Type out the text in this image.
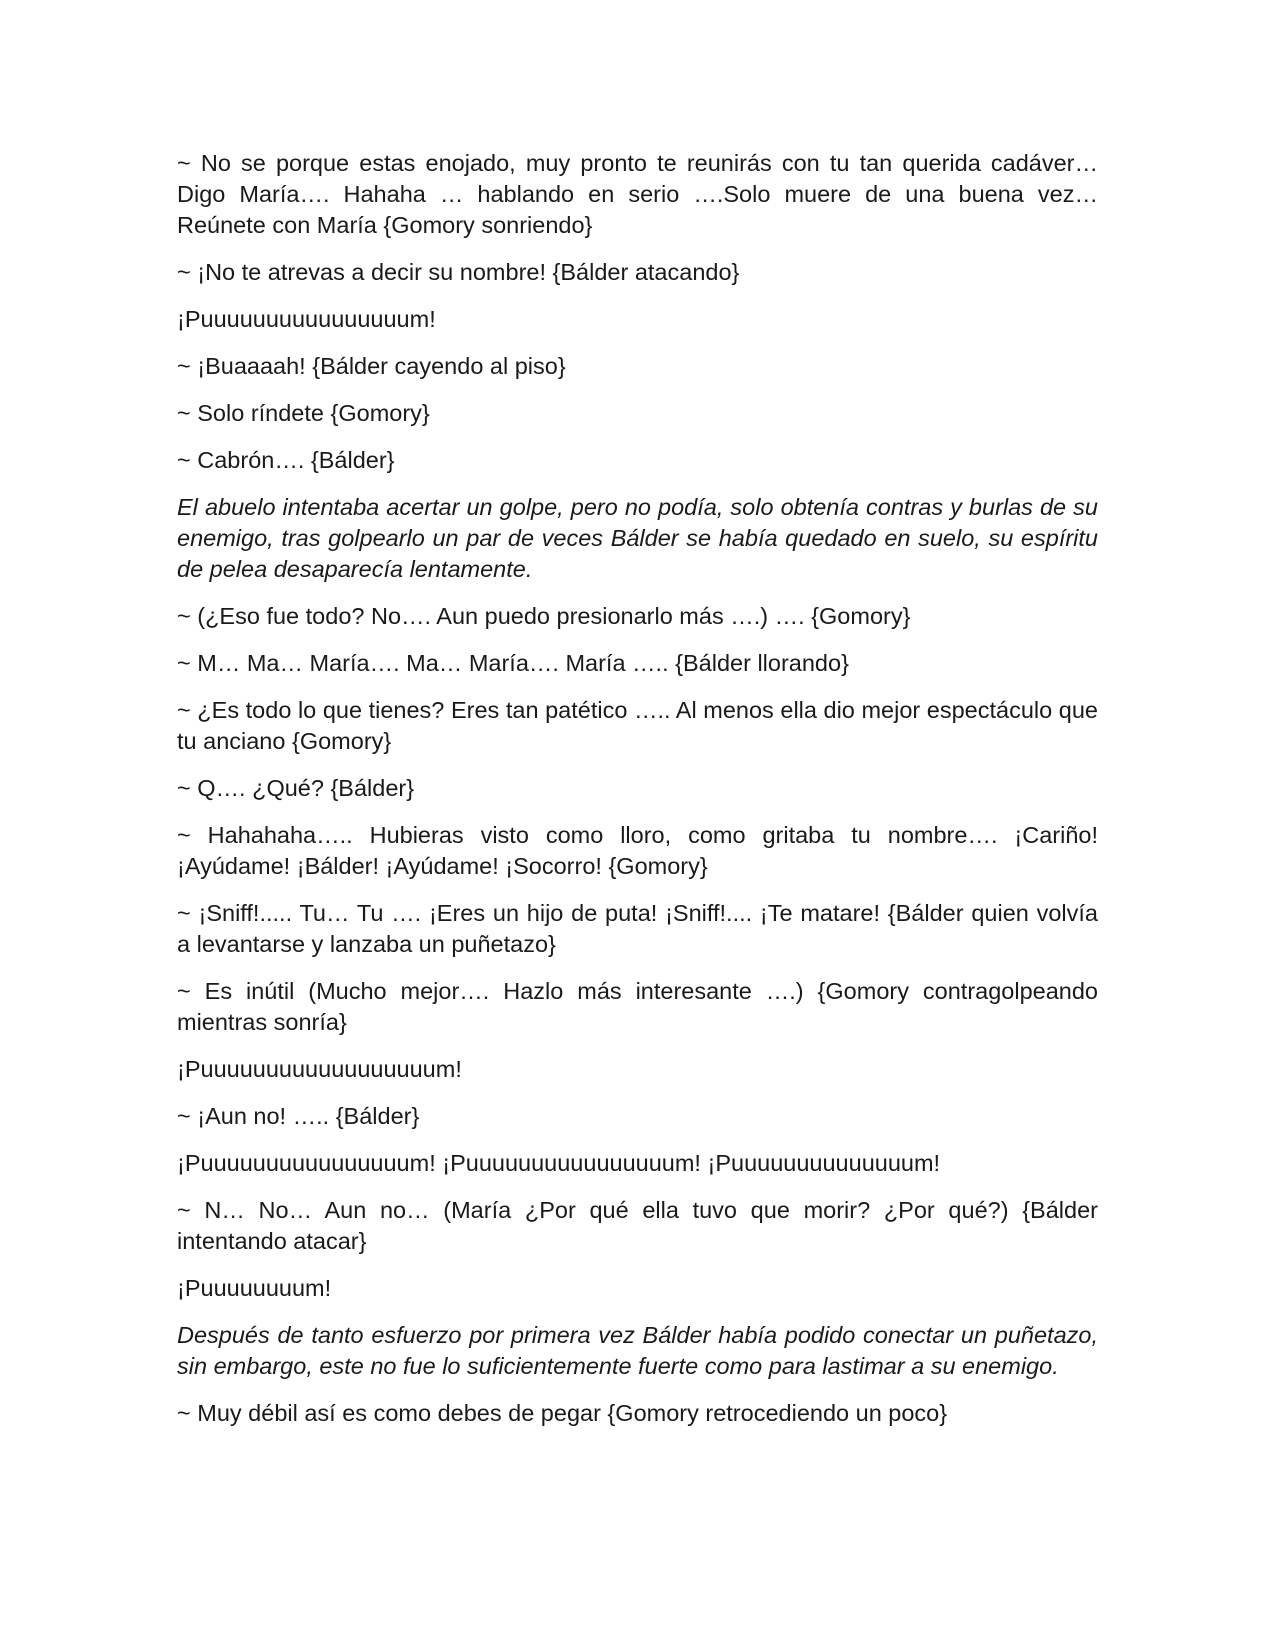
~ No se porque estas enojado, muy pronto te reunirás con tu tan querida cadáver… Digo María…. Hahaha … hablando en serio ….Solo muere de una buena vez… Reúnete con María {Gomory sonriendo}

~ ¡No te atrevas a decir su nombre! {Bálder atacando}

¡Puuuuuuuuuuuuuuuum!

~ ¡Buaaaah! {Bálder cayendo al piso}

~ Solo ríndete {Gomory}

~ Cabrón…. {Bálder}

El abuelo intentaba acertar un golpe, pero no podía, solo obtenía contras y burlas de su enemigo, tras golpearlo un par de veces Bálder se había quedado en suelo, su espíritu de pelea desaparecía lentamente.

~ (¿Eso fue todo? No…. Aun puedo presionarlo más ….) …. {Gomory}

~ M… Ma… María…. Ma… María…. María ….. {Bálder llorando}

~ ¿Es todo lo que tienes? Eres tan patético ….. Al menos ella dio mejor espectáculo que tu anciano {Gomory}

~ Q…. ¿Qué? {Bálder}

~ Hahahaha….. Hubieras visto como lloro, como gritaba tu nombre…. ¡Cariño! ¡Ayúdame! ¡Bálder! ¡Ayúdame! ¡Socorro! {Gomory}

~ ¡Sniff!..... Tu… Tu …. ¡Eres un hijo de puta! ¡Sniff!.... ¡Te matare! {Bálder quien volvía a levantarse y lanzaba un puñetazo}

~ Es inútil (Mucho mejor…. Hazlo más interesante ….) {Gomory contragolpeando mientras sonría}

¡Puuuuuuuuuuuuuuuuuum!

~ ¡Aun no! ….. {Bálder}

¡Puuuuuuuuuuuuuuuum! ¡Puuuuuuuuuuuuuuuum! ¡Puuuuuuuuuuuuuum!

~ N… No… Aun no… (María ¿Por qué ella tuvo que morir? ¿Por qué?) {Bálder intentando atacar}

¡Puuuuuuuum!

Después de tanto esfuerzo por primera vez Bálder había podido conectar un puñetazo, sin embargo, este no fue lo suficientemente fuerte como para lastimar a su enemigo.

~ Muy débil así es como debes de pegar {Gomory retrocediendo un poco}
